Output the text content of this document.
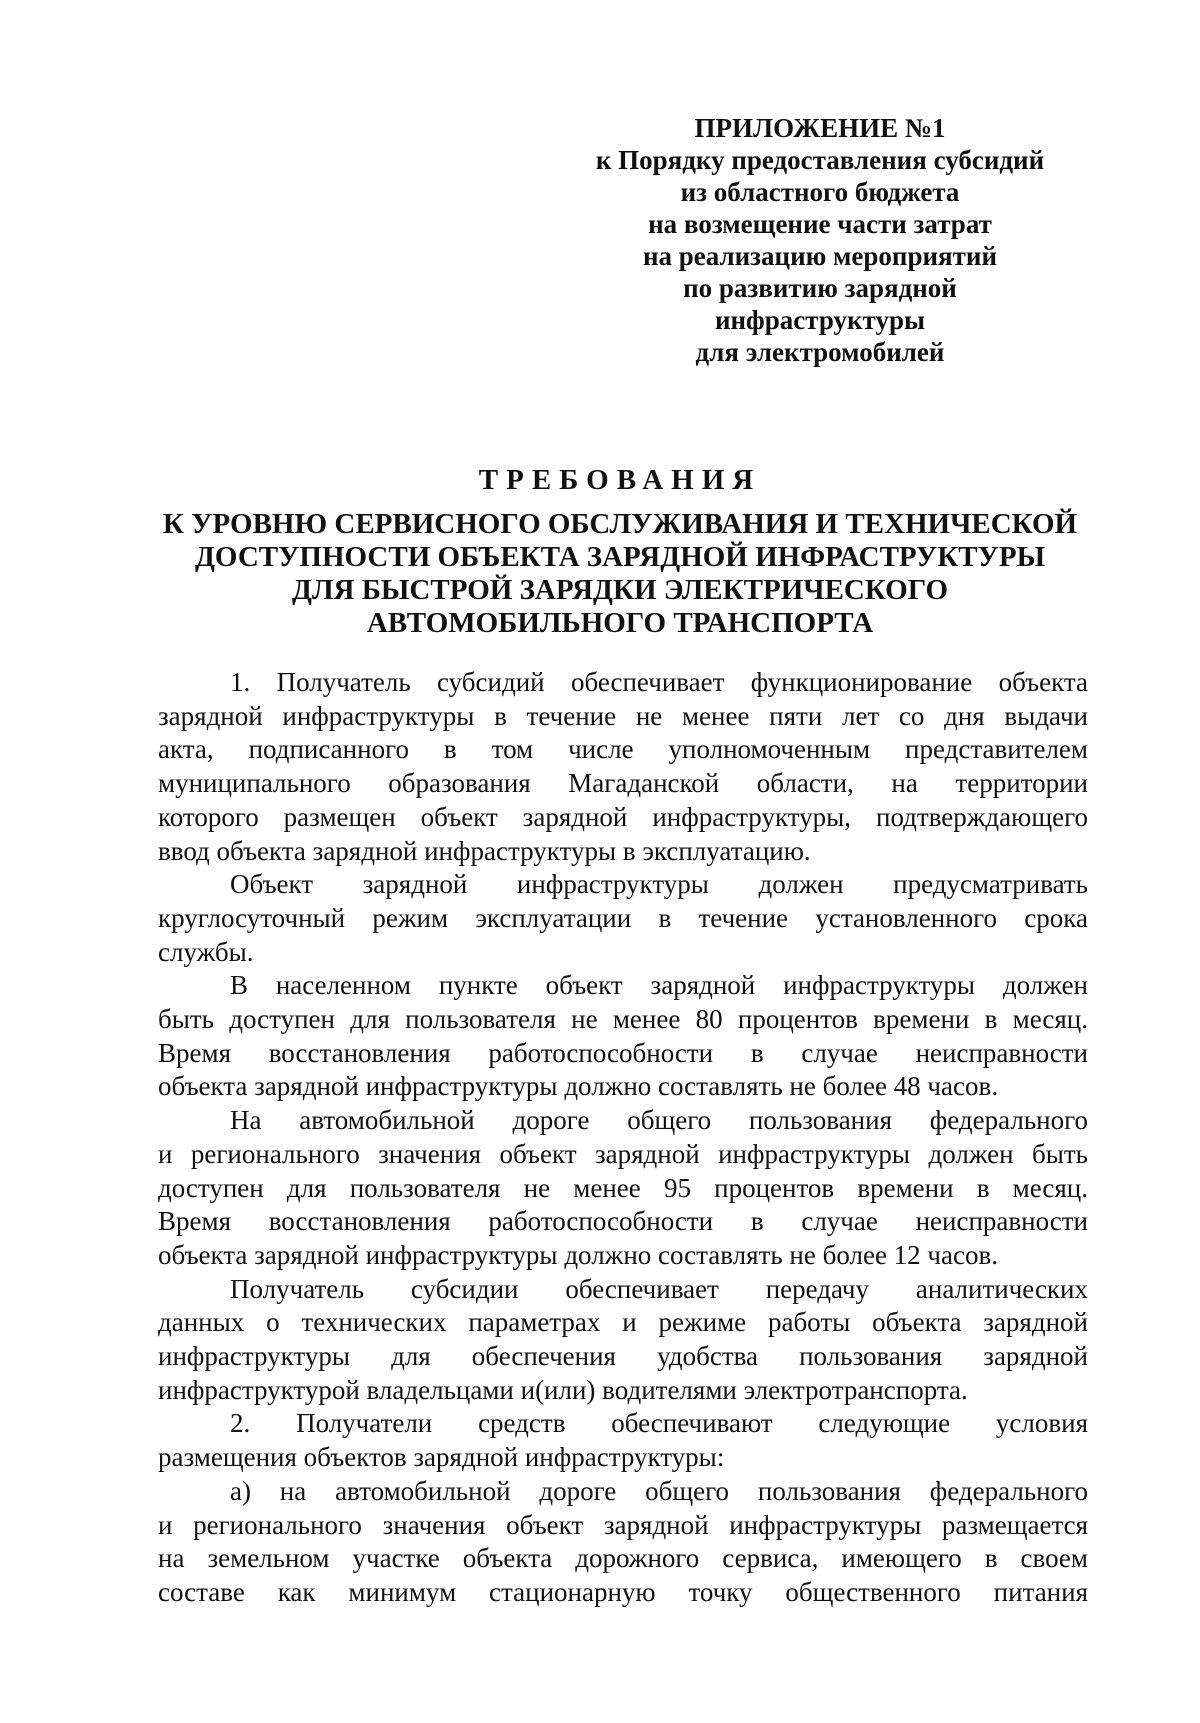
ПРИЛОЖЕНИЕ №1
к Порядку предоставления субсидий
из областного бюджета
на возмещение части затрат
на реализацию мероприятий
по развитию зарядной
инфраструктуры
для электромобилей
ТРЕБОВАНИЯ
К УРОВНЮ СЕРВИСНОГО ОБСЛУЖИВАНИЯ И ТЕХНИЧЕСКОЙ
ДОСТУПНОСТИ ОБЪЕКТА ЗАРЯДНОЙ ИНФРАСТРУКТУРЫ
ДЛЯ БЫСТРОЙ ЗАРЯДКИ ЭЛЕКТРИЧЕСКОГО
АВТОМОБИЛЬНОГО ТРАНСПОРТА
1. Получатель субсидий обеспечивает функционирование объекта
зарядной инфраструктуры в течение не менее пяти лет со дня выдачи
акта, подписанного в том числе уполномоченным представителем
муниципального образования Магаданской области, на территории
которого размещен объект зарядной инфраструктуры, подтверждающего
ввод объекта зарядной инфраструктуры в эксплуатацию.
Объект зарядной инфраструктуры должен предусматривать
круглосуточный режим эксплуатации в течение установленного срока
службы.
В населенном пункте объект зарядной инфраструктуры должен
быть доступен для пользователя не менее 80 процентов времени в месяц.
Время восстановления работоспособности в случае неисправности
объекта зарядной инфраструктуры должно составлять не более 48 часов.
На автомобильной дороге общего пользования федерального
и регионального значения объект зарядной инфраструктуры должен быть
доступен для пользователя не менее 95 процентов времени в месяц.
Время восстановления работоспособности в случае неисправности
объекта зарядной инфраструктуры должно составлять не более 12 часов.
Получатель субсидии обеспечивает передачу аналитических
данных о технических параметрах и режиме работы объекта зарядной
инфраструктуры для обеспечения удобства пользования зарядной
инфраструктурой владельцами и(или) водителями электротранспорта.
2. Получатели средств обеспечивают следующие условия
размещения объектов зарядной инфраструктуры:
а) на автомобильной дороге общего пользования федерального
и регионального значения объект зарядной инфраструктуры размещается
на земельном участке объекта дорожного сервиса, имеющего в своем
составе как минимум стационарную точку общественного питания
